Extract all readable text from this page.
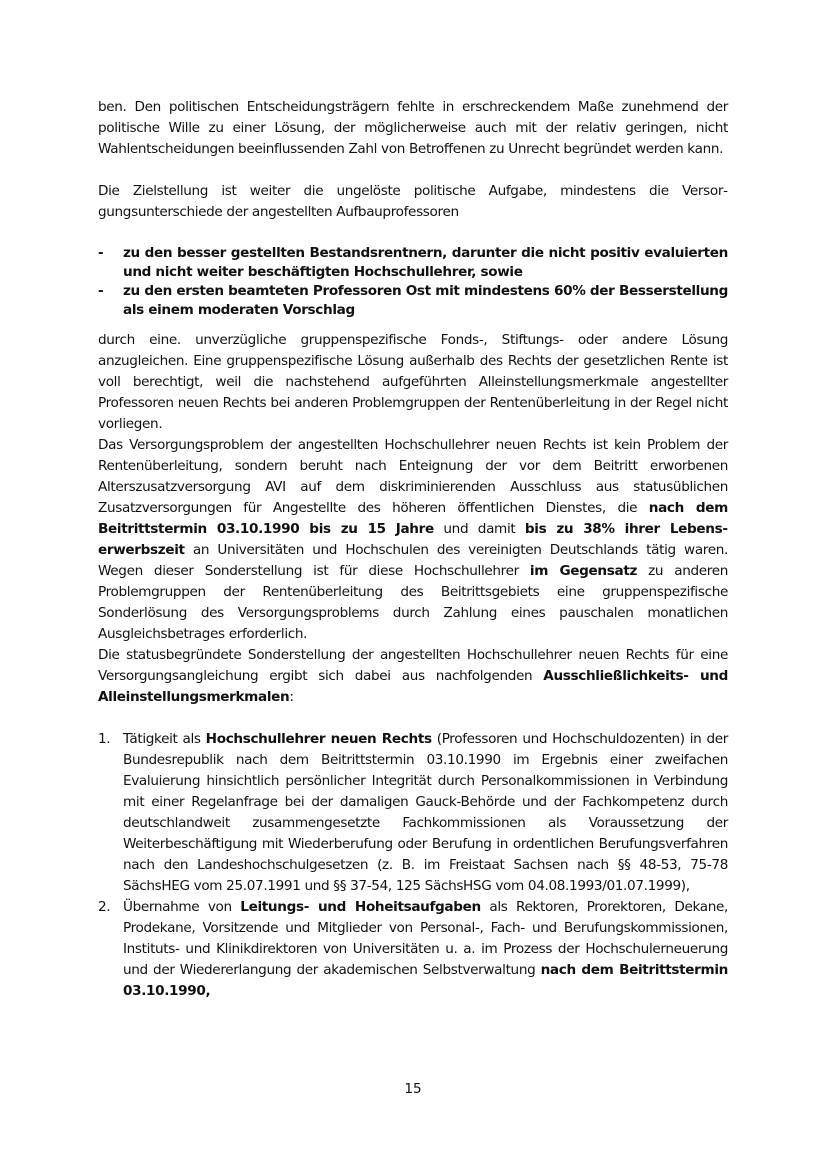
ben. Den politischen Entscheidungsträgern fehlte in erschreckendem Maße zunehmend der politische Wille zu einer Lösung, der möglicherweise auch mit der relativ geringen, nicht Wahlentscheidungen beeinflussenden Zahl von Betroffenen zu Unrecht begründet werden kann.

Die Zielstellung ist weiter die ungelöste politische Aufgabe, mindestens die Versorgungsunterschiede der angestellten Aufbauprofessoren

- zu den besser gestellten Bestandsrentnern, darunter die nicht positiv evaluierten und nicht weiter beschäftigten Hochschullehrer, sowie
- zu den ersten beamteten Professoren Ost mit mindestens 60% der Besserstellung als einem moderaten Vorschlag

durch eine. unverzügliche gruppenspezifische Fonds-, Stiftungs- oder andere Lösung anzugleichen. Eine gruppenspezifische Lösung außerhalb des Rechts der gesetzlichen Rente ist voll berechtigt, weil die nachstehend aufgeführten Alleinstellungsmerkmale angestellter Professoren neuen Rechts bei anderen Problemgruppen der Rentenüberleitung in der Regel nicht vorliegen.

Das Versorgungsproblem der angestellten Hochschullehrer neuen Rechts ist kein Problem der Rentenüberleitung, sondern beruht nach Enteignung der vor dem Beitritt erworbenen Alterszusatzversorgung AVI auf dem diskriminierenden Ausschluss aus statusüblichen Zusatzversorgungen für Angestellte des höheren öffentlichen Dienstes, die nach dem Beitrittstermin 03.10.1990 bis zu 15 Jahre und damit bis zu 38% ihrer Lebenserwerbszeit an Universitäten und Hochschulen des vereinigten Deutschlands tätig waren. Wegen dieser Sonderstellung ist für diese Hochschullehrer im Gegensatz zu anderen Problemgruppen der Rentenüberleitung des Beitrittsgebiets eine gruppenspezifische Sonderlösung des Versorgungsproblems durch Zahlung eines pauschalen monatlichen Ausgleichsbetrages erforderlich.

Die statusbegründete Sonderstellung der angestellten Hochschullehrer neuen Rechts für eine Versorgungsangleichung ergibt sich dabei aus nachfolgenden Ausschließlichkeits- und Alleinstellungsmerkmalen:

1. Tätigkeit als Hochschullehrer neuen Rechts (Professoren und Hochschuldozenten) in der Bundesrepublik nach dem Beitrittstermin 03.10.1990 im Ergebnis einer zweifachen Evaluierung hinsichtlich persönlicher Integrität durch Personalkommissionen in Verbindung mit einer Regelanfrage bei der damaligen Gauck-Behörde und der Fachkompetenz durch deutschlandweit zusammengesetzte Fachkommissionen als Voraussetzung der Weiterbeschäftigung mit Wiederberufung oder Berufung in ordentlichen Berufungsverfahren nach den Landeshochschulgesetzen (z. B. im Freistaat Sachsen nach §§ 48-53, 75-78 SächsHEG vom 25.07.1991 und §§ 37-54, 125 SächsHSG vom 04.08.1993/01.07.1999),
2. Übernahme von Leitungs- und Hoheitsaufgaben als Rektoren, Prorektoren, Dekane, Prodekane, Vorsitzende und Mitglieder von Personal-, Fach- und Berufungskommissionen, Instituts- und Klinikdirektoren von Universitäten u. a. im Prozess der Hochschulerneuerung und der Wiedererlangung der akademischen Selbstverwaltung nach dem Beitrittstermin 03.10.1990,
15
